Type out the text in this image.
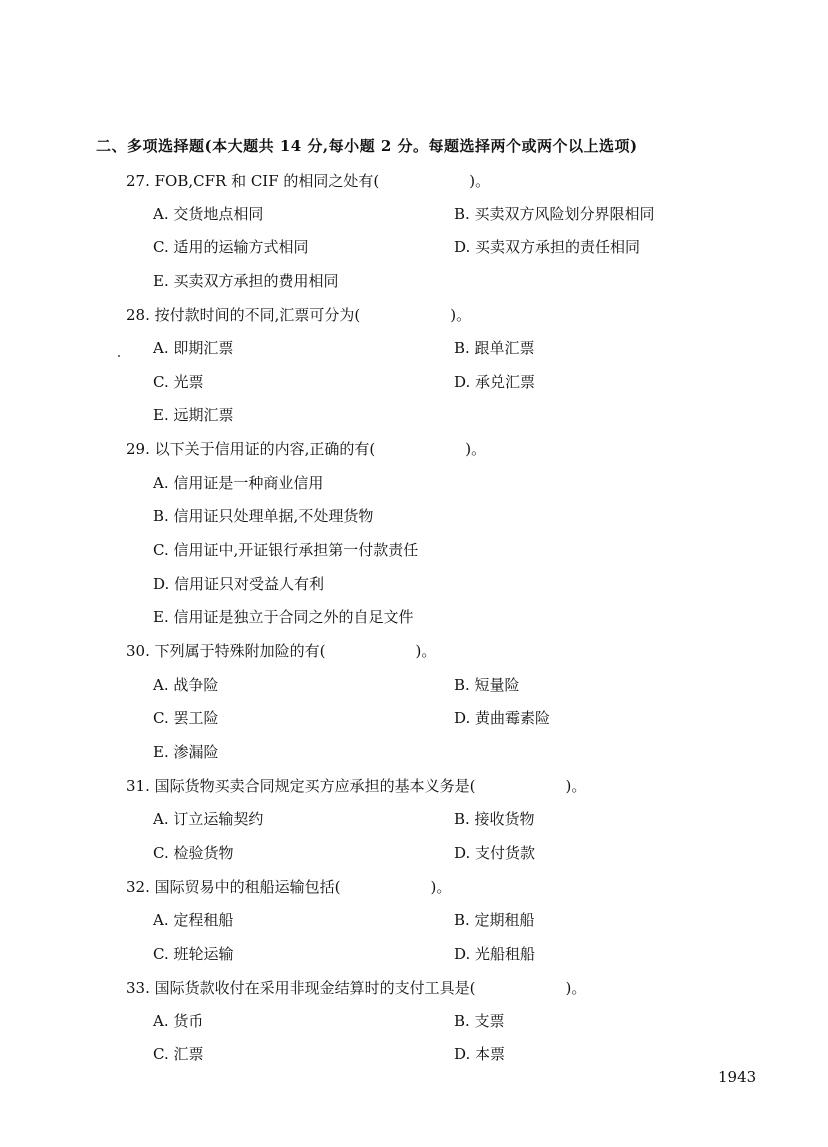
二、多项选择题(本大题共 14 分,每小题 2 分。每题选择两个或两个以上选项)
27. FOB,CFR 和 CIF 的相同之处有(　　　　　　)。
A. 交货地点相同	B. 买卖双方风险划分界限相同
C. 适用的运输方式相同	D. 买卖双方承担的责任相同
E. 买卖双方承担的费用相同
28. 按付款时间的不同,汇票可分为(　　　　　　)。
A. 即期汇票	B. 跟单汇票
C. 光票	D. 承兑汇票
E. 远期汇票
29. 以下关于信用证的内容,正确的有(　　　　　　)。
A. 信用证是一种商业信用
B. 信用证只处理单据,不处理货物
C. 信用证中,开证银行承担第一付款责任
D. 信用证只对受益人有利
E. 信用证是独立于合同之外的自足文件
30. 下列属于特殊附加险的有(　　　　　　)。
A. 战争险	B. 短量险
C. 罢工险	D. 黄曲霉素险
E. 渗漏险
31. 国际货物买卖合同规定买方应承担的基本义务是(　　　　　　)。
A. 订立运输契约	B. 接收货物
C. 检验货物	D. 支付货款
32. 国际贸易中的租船运输包括(　　　　　　)。
A. 定程租船	B. 定期租船
C. 班轮运输	D. 光船租船
33. 国际货款收付在采用非现金结算时的支付工具是(　　　　　　)。
A. 货币	B. 支票
C. 汇票	D. 本票
1943
